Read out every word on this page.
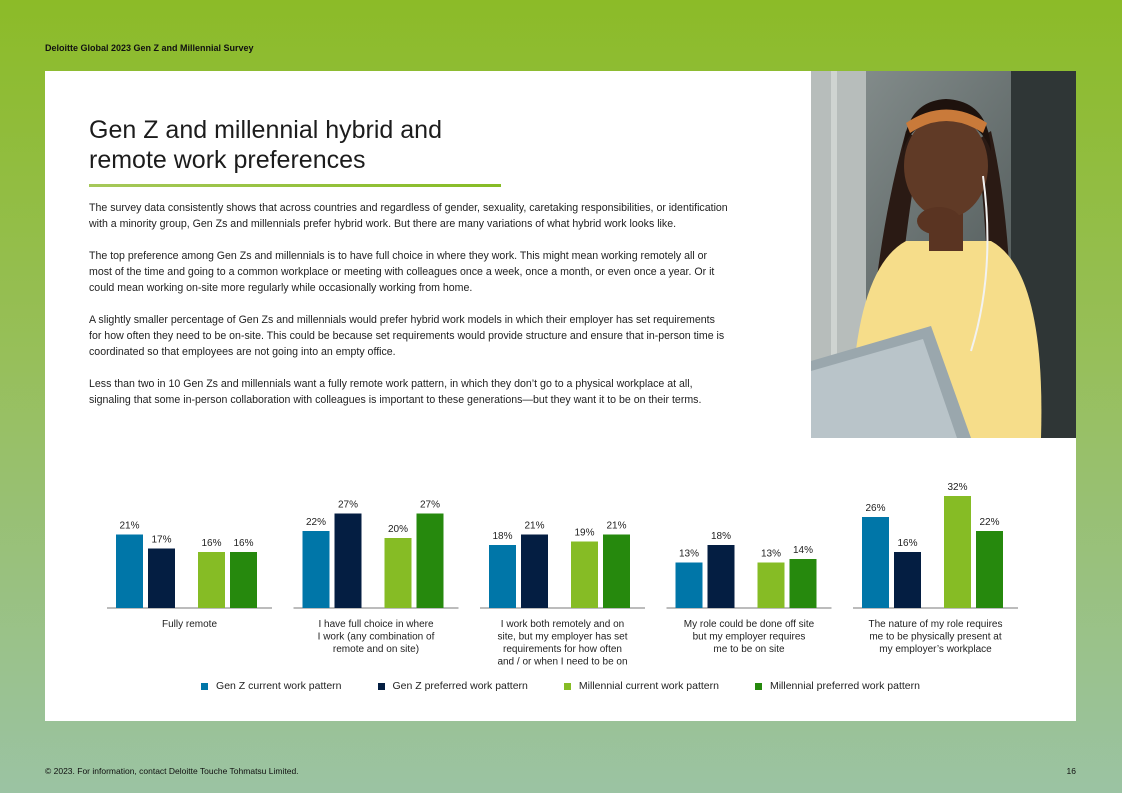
Deloitte Global 2023 Gen Z and Millennial Survey
Gen Z and millennial hybrid and remote work preferences

The survey data consistently shows that across countries and regardless of gender, sexuality, caretaking responsibilities, or identification with a minority group, Gen Zs and millennials prefer hybrid work. But there are many variations of what hybrid work looks like.

The top preference among Gen Zs and millennials is to have full choice in where they work. This might mean working remotely all or most of the time and going to a common workplace or meeting with colleagues once a week, once a month, or even once a year. Or it could mean working on-site more regularly while occasionally working from home.

A slightly smaller percentage of Gen Zs and millennials would prefer hybrid work models in which their employer has set requirements for how often they need to be on-site. This could be because set requirements would provide structure and ensure that in-person time is coordinated so that employees are not going into an empty office.

Less than two in 10 Gen Zs and millennials want a fully remote work pattern, in which they don’t go to a physical workplace at all, signaling that some in-person collaboration with colleagues is important to these generations—but they want it to be on their terms.

21%
17%	16% 16%
Fully remote
22%
27%
20%
27%
I have full choice in where
I work (any combination of
remote and on site)
18%
21%
19%
21%
I work both remotely and on
site, but my employer has set
requirements for how often
and / or when I need to be on
13%
18%
13% 14%
My role could be done off site
but my employer requires
me to be on site
26%
16%
32%
22%
The nature of my role requires
me to be physically present at
my employer’s workplace
Gen Z current work pattern	Gen Z preferred work pattern	Millennial current work pattern	Millennial preferred work pattern
© 2023. For information, contact Deloitte Touche Tohmatsu Limited.	16
